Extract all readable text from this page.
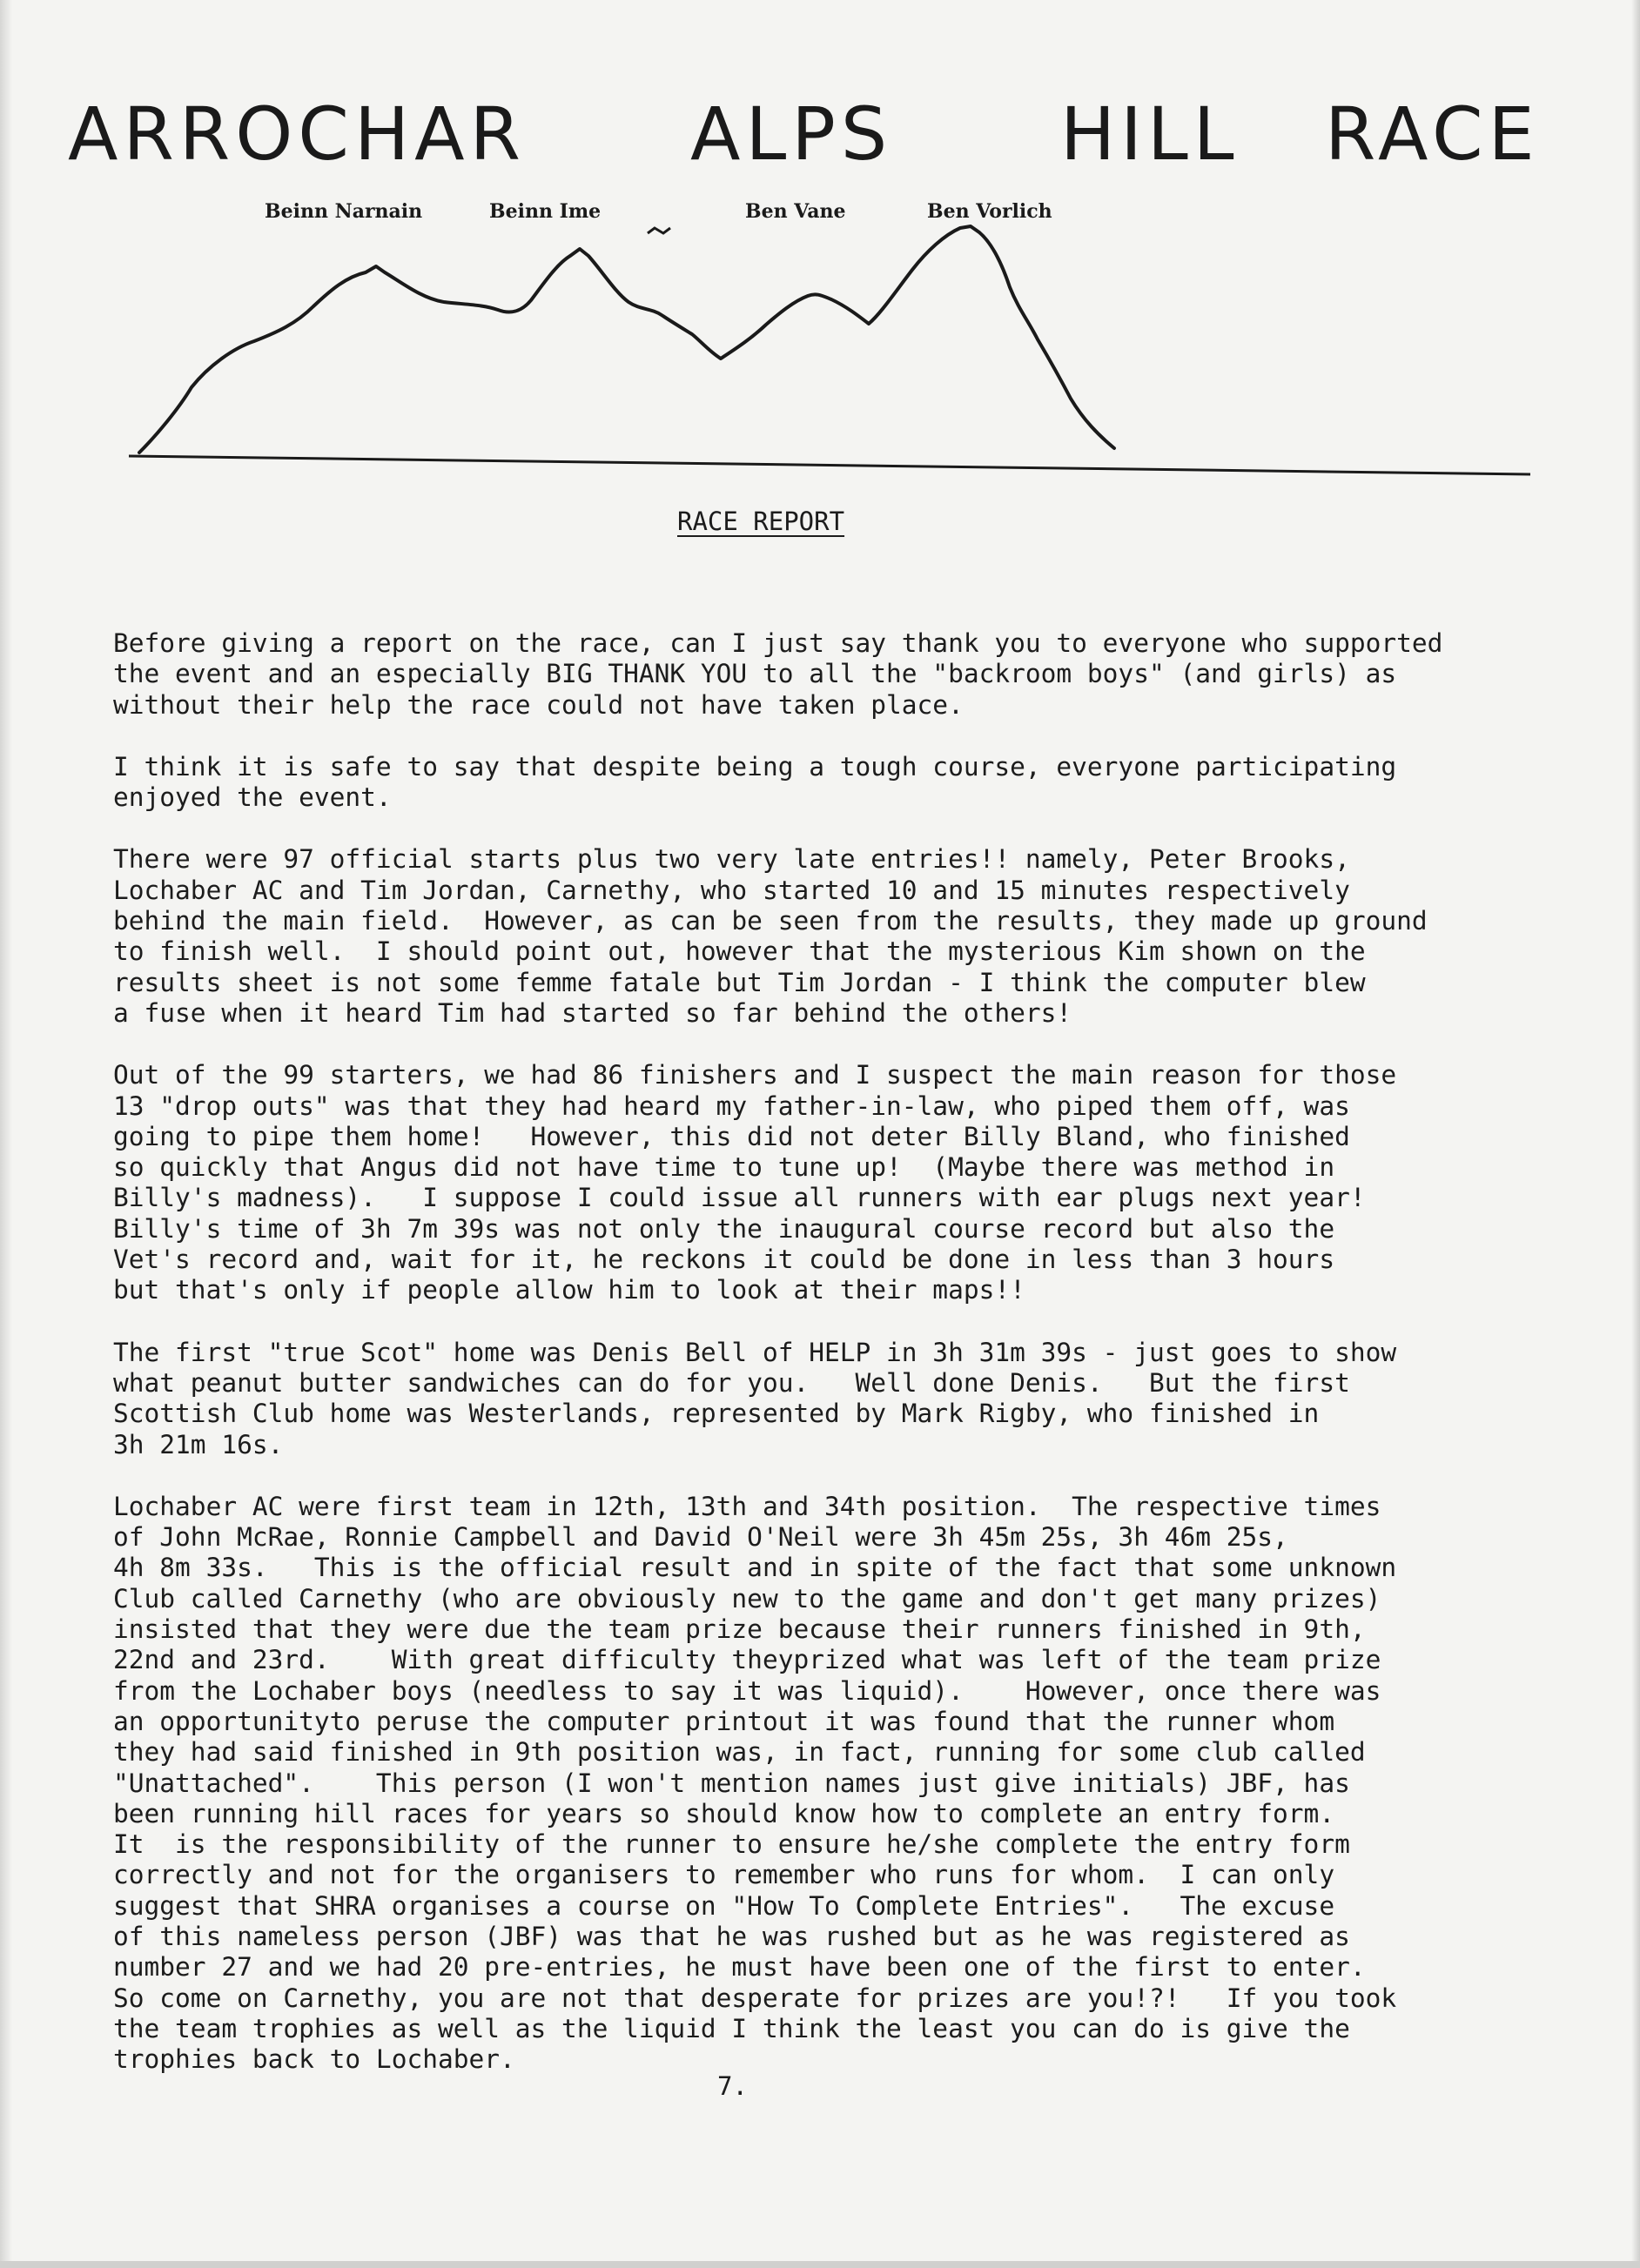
ARROCHAR ALPS HILL RACE
Beinn Narnain	Beinn Ime	Ben Vane	Ben Vorlich
RACE REPORT
Before giving a report on the race, can I just say thank you to everyone who supported
the event and an especially BIG THANK YOU to all the "backroom boys" (and girls) as
without their help the race could not have taken place.
I think it is safe to say that despite being a tough course, everyone participating
enjoyed the event.
There were 97 official starts plus two very late entries!! namely, Peter Brooks,
Lochaber AC and Tim Jordan, Carnethy, who started 10 and 15 minutes respectively
behind the main field.  However, as can be seen from the results, they made up ground
to finish well.  I should point out, however that the mysterious Kim shown on the
results sheet is not some femme fatale but Tim Jordan - I think the computer blew
a fuse when it heard Tim had started so far behind the others!
Out of the 99 starters, we had 86 finishers and I suspect the main reason for those
13 "drop outs" was that they had heard my father-in-law, who piped them off, was
going to pipe them home!   However, this did not deter Billy Bland, who finished
so quickly that Angus did not have time to tune up!  (Maybe there was method in
Billy's madness).   I suppose I could issue all runners with ear plugs next year!
Billy's time of 3h 7m 39s was not only the inaugural course record but also the
Vet's record and, wait for it, he reckons it could be done in less than 3 hours
but that's only if people allow him to look at their maps!!
The first "true Scot" home was Denis Bell of HELP in 3h 31m 39s - just goes to show
what peanut butter sandwiches can do for you.   Well done Denis.   But the first
Scottish Club home was Westerlands, represented by Mark Rigby, who finished in
3h 21m 16s.
Lochaber AC were first team in 12th, 13th and 34th position.  The respective times
of John McRae, Ronnie Campbell and David O'Neil were 3h 45m 25s, 3h 46m 25s,
4h 8m 33s.   This is the official result and in spite of the fact that some unknown
Club called Carnethy (who are obviously new to the game and don't get many prizes)
insisted that they were due the team prize because their runners finished in 9th,
22nd and 23rd.    With great difficulty theyprized what was left of the team prize
from the Lochaber boys (needless to say it was liquid).    However, once there was
an opportunityto peruse the computer printout it was found that the runner whom
they had said finished in 9th position was, in fact, running for some club called
"Unattached".    This person (I won't mention names just give initials) JBF, has
been running hill races for years so should know how to complete an entry form.
It  is the responsibility of the runner to ensure he/she complete the entry form
correctly and not for the organisers to remember who runs for whom.  I can only
suggest that SHRA organises a course on "How To Complete Entries".   The excuse
of this nameless person (JBF) was that he was rushed but as he was registered as
number 27 and we had 20 pre-entries, he must have been one of the first to enter.
So come on Carnethy, you are not that desperate for prizes are you!?!   If you took
the team trophies as well as the liquid I think the least you can do is give the
trophies back to Lochaber.
7.
